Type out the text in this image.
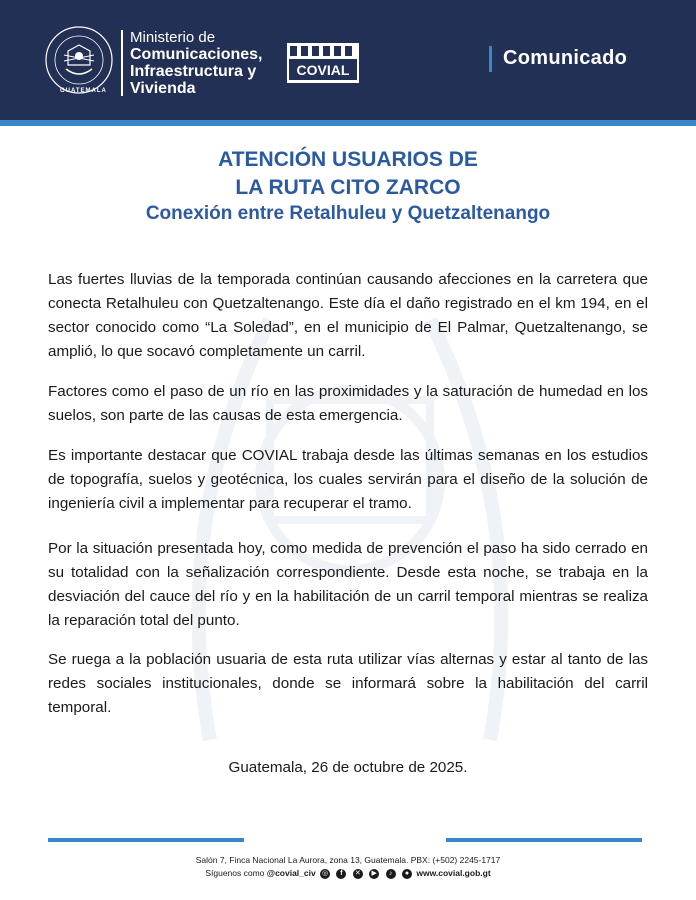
GUATEMALA
Ministerio de
Comunicaciones,
Infraestructura y
Vivienda
COVIAL
Comunicado
ATENCIÓN USUARIOS DE
LA RUTA CITO ZARCO
Conexión entre Retalhuleu y Quetzaltenango
Las fuertes lluvias de la temporada continúan causando afecciones en la carretera que conecta Retalhuleu con Quetzaltenango. Este día el daño registrado en el km 194, en el sector conocido como “La Soledad”, en el municipio de El Palmar, Quetzaltenango, se amplió, lo que socavó completamente un carril.
Factores como el paso de un río en las proximidades y la saturación de humedad en los suelos, son parte de las causas de esta emergencia.
Es importante destacar que COVIAL trabaja desde las últimas semanas en los estudios de topografía, suelos y geotécnica, los cuales servirán para el diseño de la solución de ingeniería civil a implementar para recuperar el tramo.
Por la situación presentada hoy, como medida de prevención el paso ha sido cerrado en su totalidad con la señalización correspondiente. Desde esta noche, se trabaja en la desviación del cauce del río y en la habilitación de un carril temporal mientras se realiza la reparación total del punto.
Se ruega a la población usuaria de esta ruta utilizar vías alternas y estar al tanto de las redes sociales institucionales, donde se informará sobre la habilitación del carril temporal.
Guatemala, 26 de octubre de 2025.
Salón 7, Finca Nacional La Aurora, zona 13, Guatemala. PBX: (+502) 2245-1717
Síguenos como @covial_civ ◎ f ✕ ▶ ♪ ● www.covial.gob.gt
